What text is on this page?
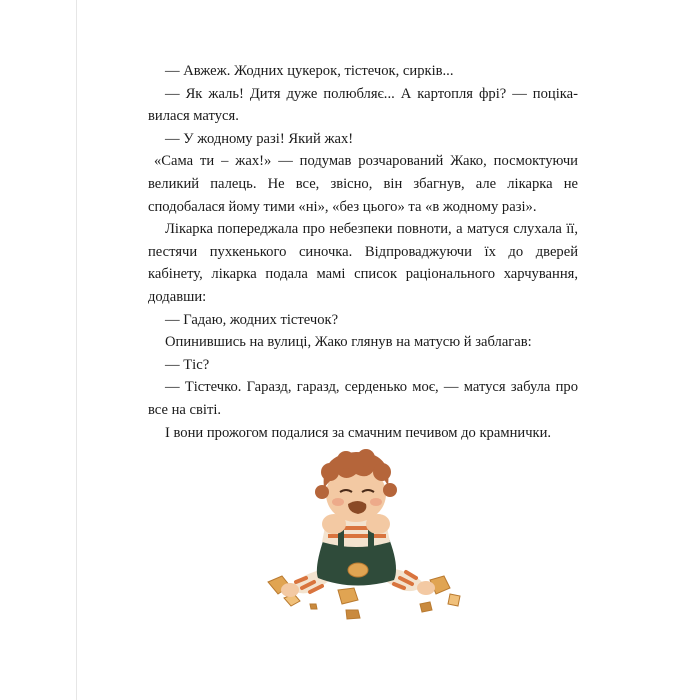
— Авжеж. Жодних цукерок, тістечок, сирків...

— Як жаль! Дитя дуже полюбляє... А картопля фрі? — поцікавилася матуся.

— У жодному разі! Який жах!

«Сама ти – жах!» — подумав розчарований Жако, посмоктуючи великий палець. Не все, звісно, він збагнув, але лікарка не сподобалася йому тими «ні», «без цього» та «в жодному разі».

Лікарка попереджала про небезпеки повноти, а матуся слухала її, пестячи пухкенького синочка. Відпроваджуючи їх до дверей кабінету, лікарка подала мамі список раціонального харчування, додавши:

— Гадаю, жодних тістечок?

Опинившись на вулиці, Жако глянув на матусю й заблагав:

— Тіс?

— Тістечко. Гаразд, гаразд, серденько моє, — матуся забула про все на світі.

І вони прожогом подалися за смачним печивом до крамнички.
